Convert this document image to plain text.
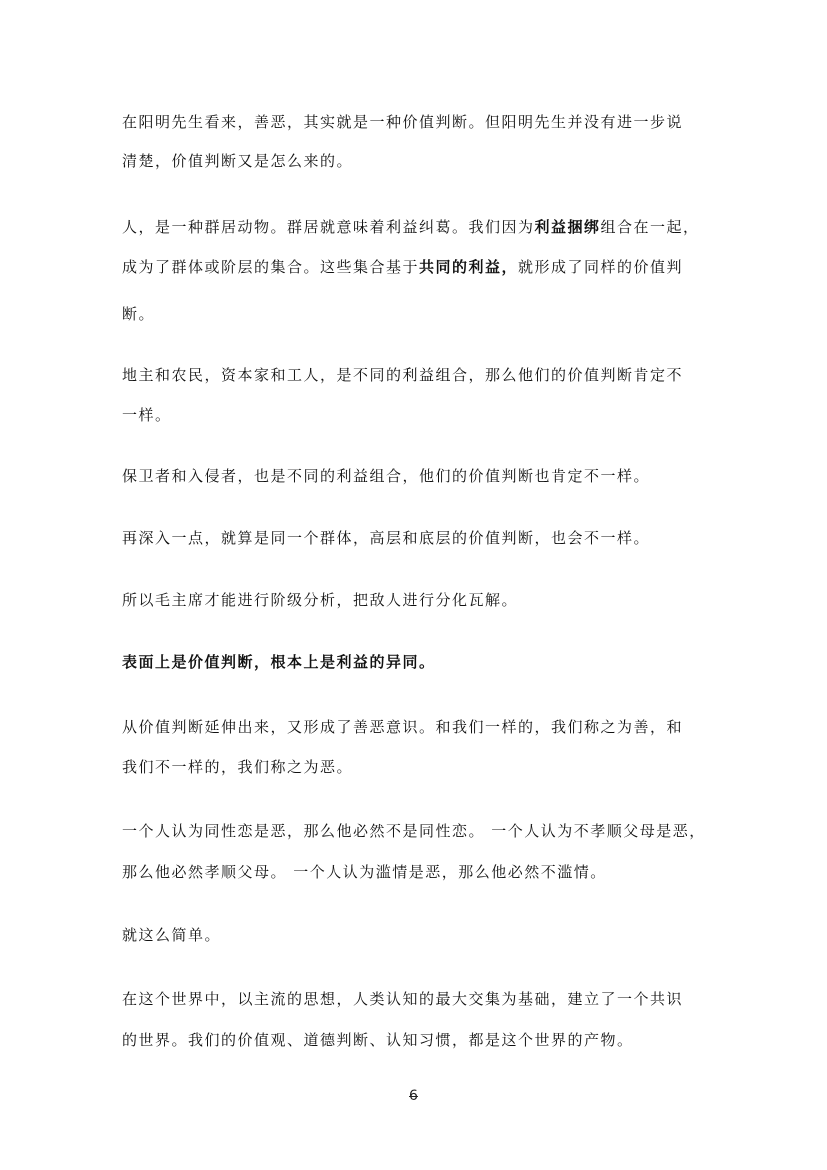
在阳明先生看来，善恶，其实就是一种价值判断。但阳明先生并没有进一步说
清楚，价值判断又是怎么来的。
人，是一种群居动物。群居就意味着利益纠葛。我们因为利益捆绑组合在一起，
成为了群体或阶层的集合。这些集合基于共同的利益，就形成了同样的价值判
断。
地主和农民，资本家和工人，是不同的利益组合，那么他们的价值判断肯定不
一样。
保卫者和入侵者，也是不同的利益组合，他们的价值判断也肯定不一样。
再深入一点，就算是同一个群体，高层和底层的价值判断，也会不一样。
所以毛主席才能进行阶级分析，把敌人进行分化瓦解。
表面上是价值判断，根本上是利益的异同。
从价值判断延伸出来，又形成了善恶意识。和我们一样的，我们称之为善，和
我们不一样的，我们称之为恶。
一个人认为同性恋是恶，那么他必然不是同性恋。 一个人认为不孝顺父母是恶，
那么他必然孝顺父母。 一个人认为滥情是恶，那么他必然不滥情。
就这么简单。
在这个世界中，以主流的思想，人类认知的最大交集为基础，建立了一个共识
的世界。我们的价值观、道德判断、认知习惯，都是这个世界的产物。
6
